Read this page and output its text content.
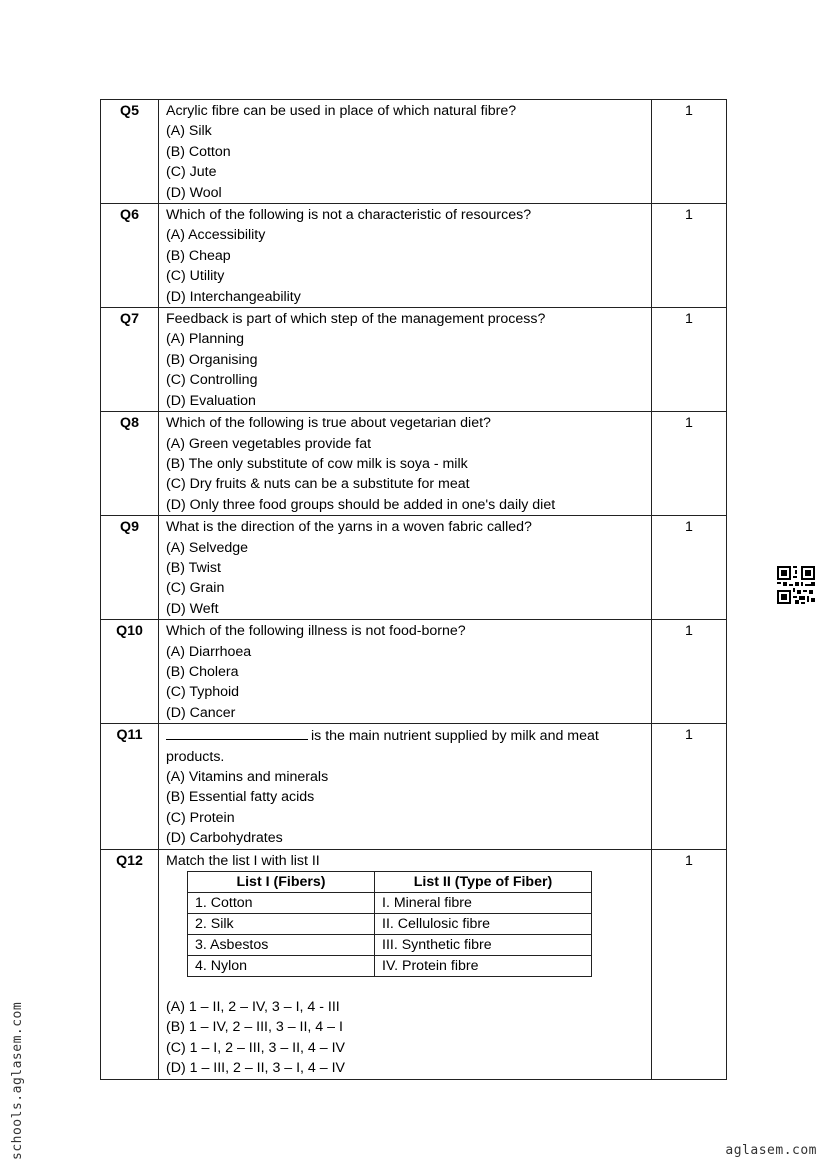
Q5	Acrylic fibre can be used in place of which natural fibre?
(A) Silk
(B) Cotton
(C) Jute
(D) Wool
	1
Q6	Which of the following is not a characteristic of resources?
(A) Accessibility
(B) Cheap
(C) Utility
(D) Interchangeability
	1
Q7	Feedback is part of which step of the management process?
(A) Planning
(B) Organising
(C) Controlling
(D) Evaluation
	1
Q8	Which of the following is true about vegetarian diet?
(A) Green vegetables provide fat
(B) The only substitute of cow milk is soya - milk
(C) Dry fruits & nuts can be a substitute for meat
(D) Only three food groups should be added in one's daily diet
	1
Q9	What is the direction of the yarns in a woven fabric called?
(A) Selvedge
(B) Twist
(C) Grain
(D) Weft
	1
Q10	Which of the following illness is not food-borne?
(A) Diarrhoea
(B) Cholera
(C) Typhoid
(D) Cancer
	1
Q11	is the main nutrient supplied by milk and meat
products.
(A) Vitamins and minerals
(B) Essential fatty acids
(C) Protein
(D) Carbohydrates
	1
Q12	Match the list I with list II
List I (Fibers)	List II (Type of Fiber)
1. Cotton	I. Mineral fibre
2. Silk	II. Cellulosic fibre
3. Asbestos	III. Synthetic fibre
4. Nylon	IV. Protein fibre
(A) 1 – II, 2 – IV, 3 – I, 4 - III
(B) 1 – IV, 2 – III, 3 – II, 4 – I
(C) 1 – I, 2 – III, 3 – II, 4 – IV
(D) 1 – III, 2 – II, 3 – I, 4 – IV
	1
schools.aglasem.com	aglasem.com
